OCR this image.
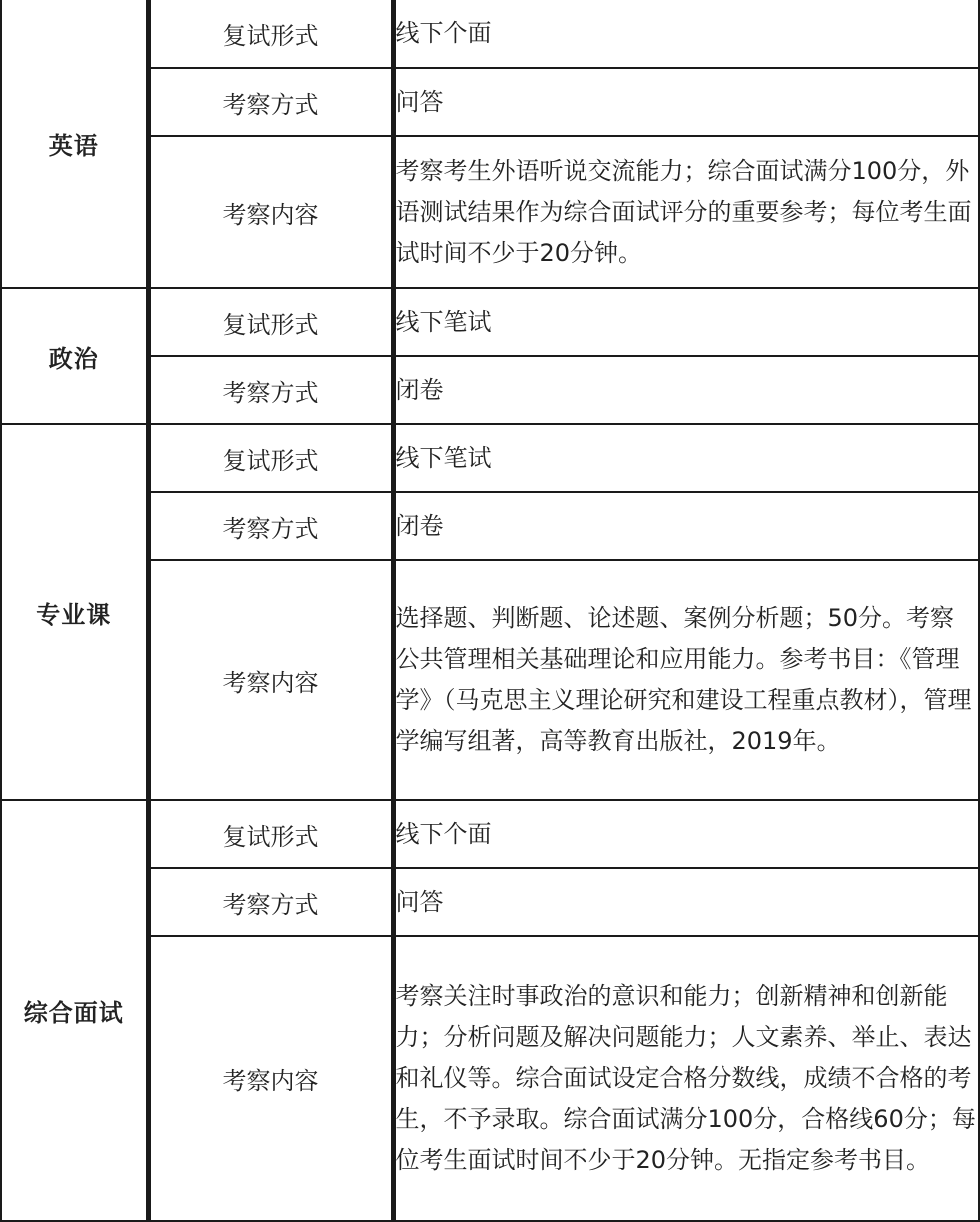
英语	复试形式	线下个面
	考察方式	问答
	考察内容	考察考生外语听说交流能力；综合面试满分100分，外语测试结果作为综合面试评分的重要参考；每位考生面试时间不少于20分钟。
政治	复试形式	线下笔试
	考察方式	闭卷
专业课	复试形式	线下笔试
	考察方式	闭卷
	考察内容	选择题、判断题、论述题、案例分析题；50分。考察公共管理相关基础理论和应用能力。参考书目：《管理学》（马克思主义理论研究和建设工程重点教材），管理学编写组著，高等教育出版社，2019年。
综合面试	复试形式	线下个面
	考察方式	问答
	考察内容	考察关注时事政治的意识和能力；创新精神和创新能力；分析问题及解决问题能力；人文素养、举止、表达和礼仪等。综合面试设定合格分数线，成绩不合格的考生，不予录取。综合面试满分100分，合格线60分；每位考生面试时间不少于20分钟。无指定参考书目。
